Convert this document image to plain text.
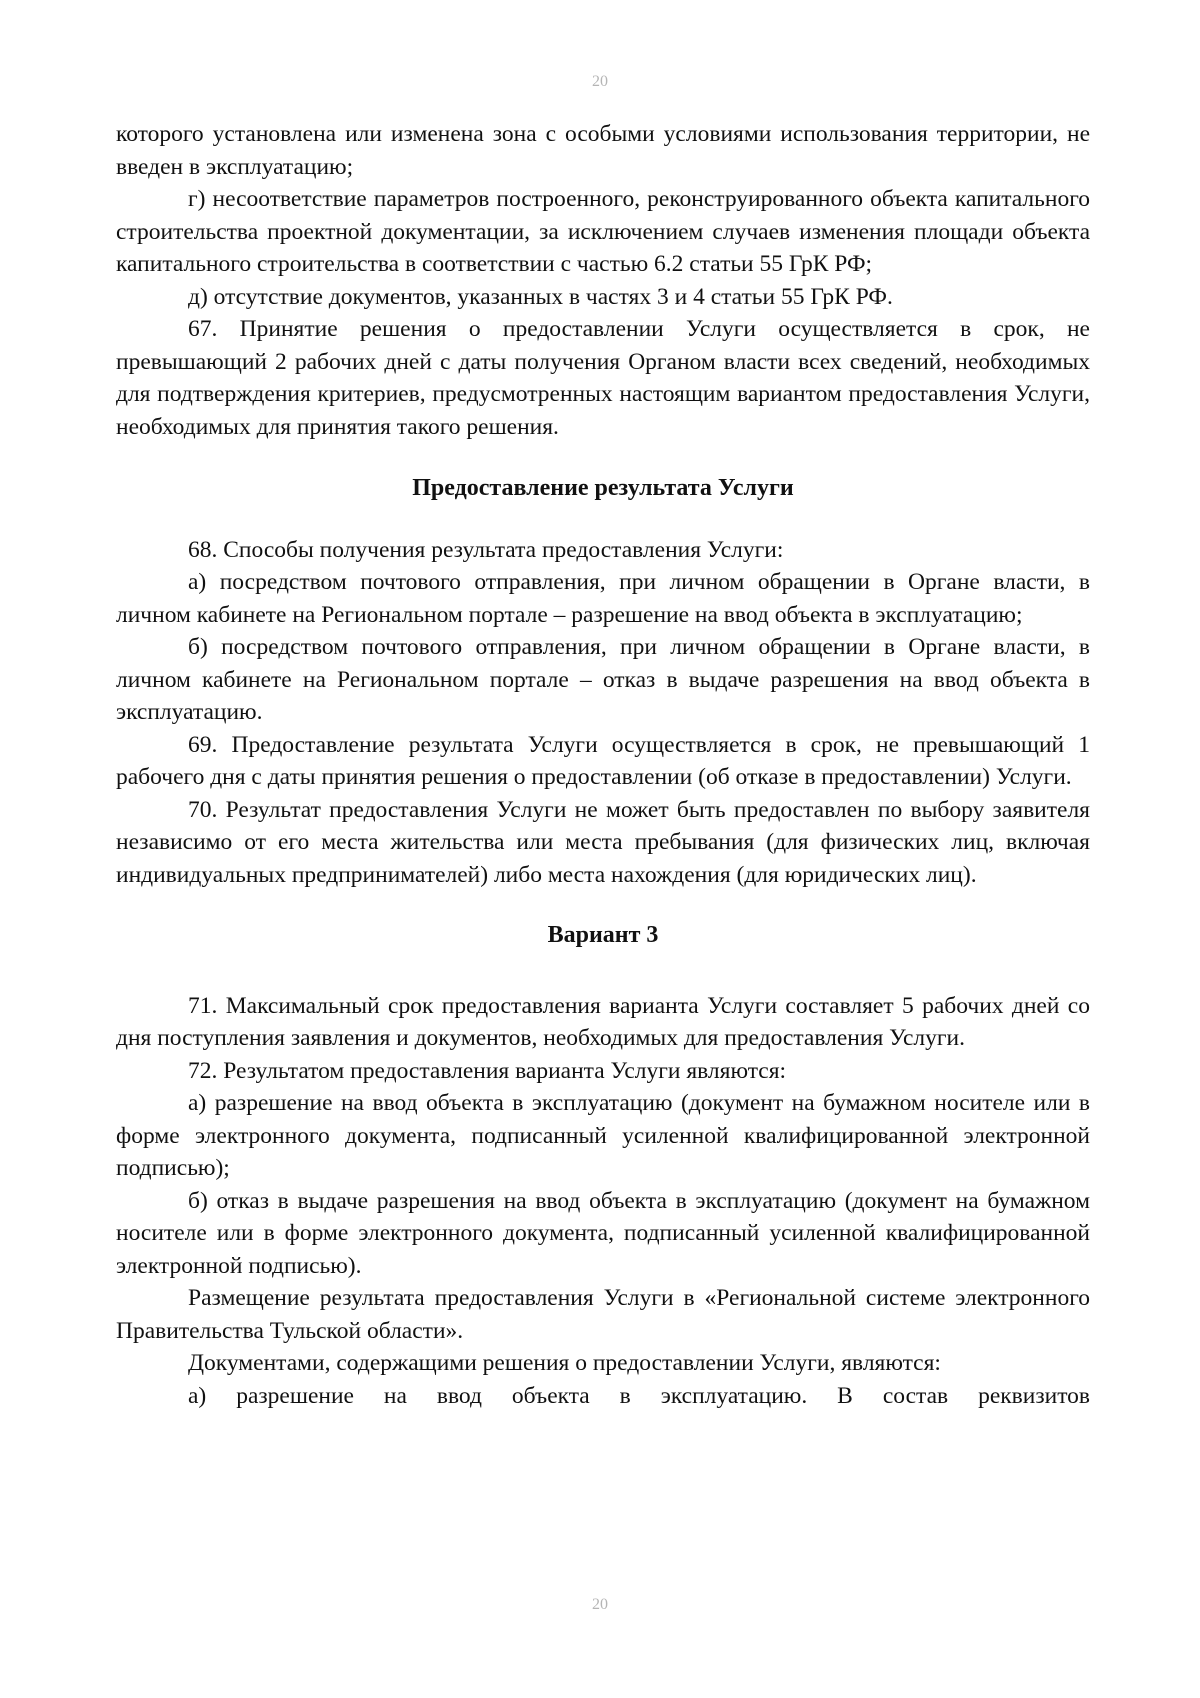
20

которого установлена или изменена зона с особыми условиями использования территории, не введен в эксплуатацию;

г) несоответствие параметров построенного, реконструированного объекта капитального строительства проектной документации, за исключением случаев изменения площади объекта капитального строительства в соответствии с частью 6.2 статьи 55 ГрК РФ;

д) отсутствие документов, указанных в частях 3 и 4 статьи 55 ГрК РФ.

67. Принятие решения о предоставлении Услуги осуществляется в срок, не превышающий 2 рабочих дней с даты получения Органом власти всех сведений, необходимых для подтверждения критериев, предусмотренных настоящим вариантом предоставления Услуги, необходимых для принятия такого решения.

Предоставление результата Услуги

68. Способы получения результата предоставления Услуги:

а) посредством почтового отправления, при личном обращении в Органе власти, в личном кабинете на Региональном портале – разрешение на ввод объекта в эксплуатацию;

б) посредством почтового отправления, при личном обращении в Органе власти, в личном кабинете на Региональном портале – отказ в выдаче разрешения на ввод объекта в эксплуатацию.

69. Предоставление результата Услуги осуществляется в срок, не превышающий 1 рабочего дня с даты принятия решения о предоставлении (об отказе в предоставлении) Услуги.

70. Результат предоставления Услуги не может быть предоставлен по выбору заявителя независимо от его места жительства или места пребывания (для физических лиц, включая индивидуальных предпринимателей) либо места нахождения (для юридических лиц).

Вариант 3

71. Максимальный срок предоставления варианта Услуги составляет 5 рабочих дней со дня поступления заявления и документов, необходимых для предоставления Услуги.

72. Результатом предоставления варианта Услуги являются:

а) разрешение на ввод объекта в эксплуатацию (документ на бумажном носителе или в форме электронного документа, подписанный усиленной квалифицированной электронной подписью);

б) отказ в выдаче разрешения на ввод объекта в эксплуатацию (документ на бумажном носителе или в форме электронного документа, подписанный усиленной квалифицированной электронной подписью).

Размещение результата предоставления Услуги в «Региональной системе электронного Правительства Тульской области».

Документами, содержащими решения о предоставлении Услуги, являются:

а) разрешение на ввод объекта в эксплуатацию. В состав реквизитов

20
